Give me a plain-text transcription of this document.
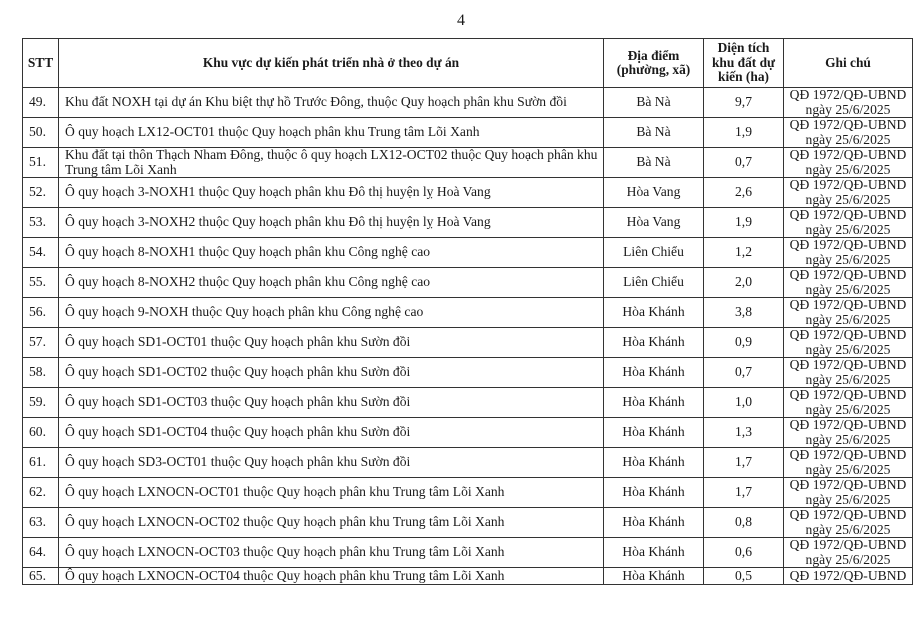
4
STT	Khu vực dự kiến phát triển nhà ở theo dự án	Địa điểm (phường, xã)	Diện tích khu đất dự kiến (ha)	Ghi chú
49.	Khu đất NOXH tại dự án Khu biệt thự hồ Trước Đông, thuộc Quy hoạch phân khu Sườn đồi	Bà Nà	9,7	QĐ 1972/QĐ-UBND
ngày 25/6/2025

50.	Ô quy hoạch LX12-OCT01 thuộc Quy hoạch phân khu Trung tâm Lõi Xanh	Bà Nà	1,9	QĐ 1972/QĐ-UBND
ngày 25/6/2025

51.	Khu đất tại thôn Thạch Nham Đông, thuộc ô quy hoạch LX12-OCT02 thuộc Quy hoạch phân khu Trung tâm Lõi Xanh	Bà Nà	0,7	QĐ 1972/QĐ-UBND
ngày 25/6/2025

52.	Ô quy hoạch 3-NOXH1 thuộc Quy hoạch phân khu Đô thị huyện lỵ Hoà Vang	Hòa Vang	2,6	QĐ 1972/QĐ-UBND
ngày 25/6/2025

53.	Ô quy hoạch 3-NOXH2 thuộc Quy hoạch phân khu Đô thị huyện lỵ Hoà Vang	Hòa Vang	1,9	QĐ 1972/QĐ-UBND
ngày 25/6/2025

54.	Ô quy hoạch 8-NOXH1 thuộc Quy hoạch phân khu Công nghệ cao	Liên Chiểu	1,2	QĐ 1972/QĐ-UBND
ngày 25/6/2025

55.	Ô quy hoạch 8-NOXH2 thuộc Quy hoạch phân khu Công nghệ cao	Liên Chiểu	2,0	QĐ 1972/QĐ-UBND
ngày 25/6/2025

56.	Ô quy hoạch 9-NOXH thuộc Quy hoạch phân khu Công nghệ cao	Hòa Khánh	3,8	QĐ 1972/QĐ-UBND
ngày 25/6/2025

57.	Ô quy hoạch SD1-OCT01 thuộc Quy hoạch phân khu Sườn đồi	Hòa Khánh	0,9	QĐ 1972/QĐ-UBND
ngày 25/6/2025

58.	Ô quy hoạch SD1-OCT02 thuộc Quy hoạch phân khu Sườn đồi	Hòa Khánh	0,7	QĐ 1972/QĐ-UBND
ngày 25/6/2025

59.	Ô quy hoạch SD1-OCT03 thuộc Quy hoạch phân khu Sườn đồi	Hòa Khánh	1,0	QĐ 1972/QĐ-UBND
ngày 25/6/2025

60.	Ô quy hoạch SD1-OCT04 thuộc Quy hoạch phân khu Sườn đồi	Hòa Khánh	1,3	QĐ 1972/QĐ-UBND
ngày 25/6/2025

61.	Ô quy hoạch SD3-OCT01 thuộc Quy hoạch phân khu Sườn đồi	Hòa Khánh	1,7	QĐ 1972/QĐ-UBND
ngày 25/6/2025

62.	Ô quy hoạch LXNOCN-OCT01 thuộc Quy hoạch phân khu Trung tâm Lõi Xanh	Hòa Khánh	1,7	QĐ 1972/QĐ-UBND
ngày 25/6/2025

63.	Ô quy hoạch LXNOCN-OCT02 thuộc Quy hoạch phân khu Trung tâm Lõi Xanh	Hòa Khánh	0,8	QĐ 1972/QĐ-UBND
ngày 25/6/2025

64.	Ô quy hoạch LXNOCN-OCT03 thuộc Quy hoạch phân khu Trung tâm Lõi Xanh	Hòa Khánh	0,6	QĐ 1972/QĐ-UBND
ngày 25/6/2025

65.	Ô quy hoạch LXNOCN-OCT04 thuộc Quy hoạch phân khu Trung tâm Lõi Xanh	Hòa Khánh	0,5	QĐ 1972/QĐ-UBND
